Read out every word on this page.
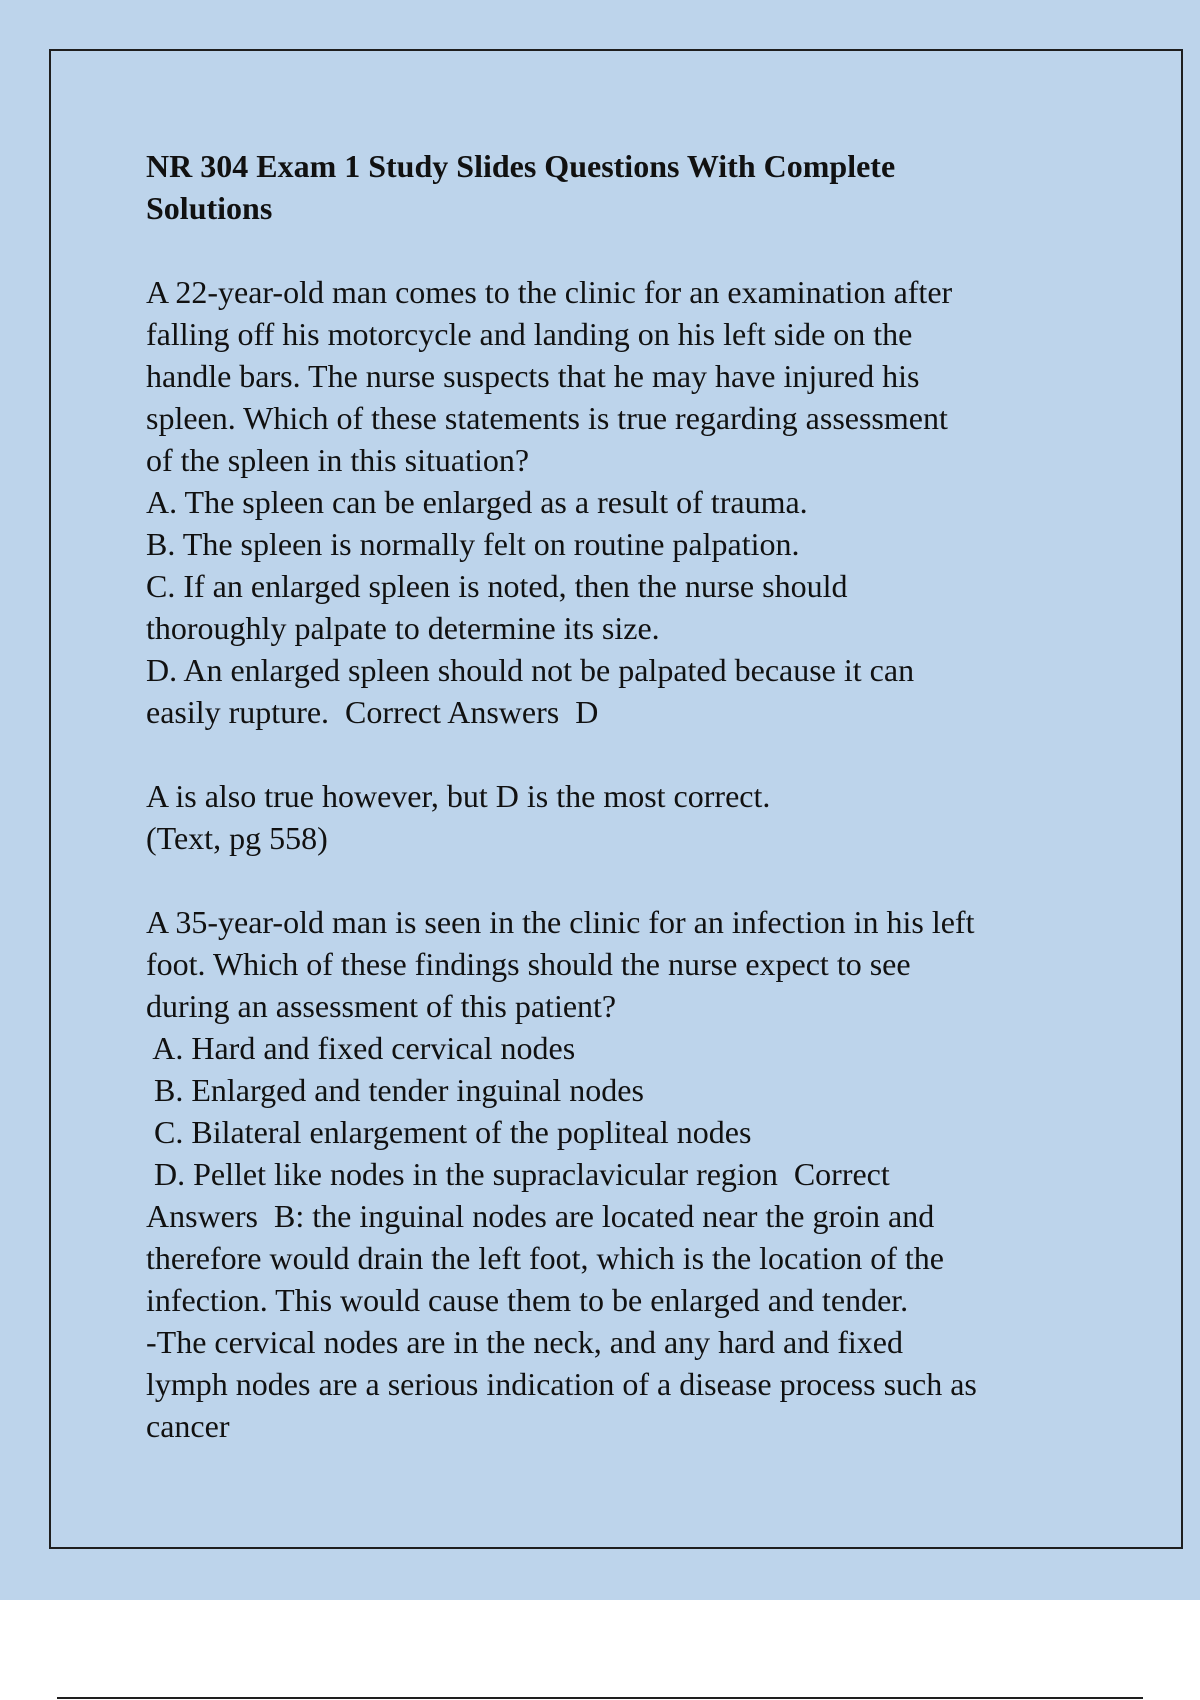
NR 304 Exam 1 Study Slides Questions With Complete
Solutions
A 22-year-old man comes to the clinic for an examination after
falling off his motorcycle and landing on his left side on the
handle bars. The nurse suspects that he may have injured his
spleen. Which of these statements is true regarding assessment
of the spleen in this situation?
A. The spleen can be enlarged as a result of trauma.
B. The spleen is normally felt on routine palpation.
C. If an enlarged spleen is noted, then the nurse should
thoroughly palpate to determine its size.
D. An enlarged spleen should not be palpated because it can
easily rupture.  Correct Answers  D
A is also true however, but D is the most correct.
(Text, pg 558)
A 35-year-old man is seen in the clinic for an infection in his left
foot. Which of these findings should the nurse expect to see
during an assessment of this patient?
A. Hard and fixed cervical nodes
B. Enlarged and tender inguinal nodes
C. Bilateral enlargement of the popliteal nodes
D. Pellet like nodes in the supraclavicular region  Correct
Answers  B: the inguinal nodes are located near the groin and
therefore would drain the left foot, which is the location of the
infection. This would cause them to be enlarged and tender.
-The cervical nodes are in the neck, and any hard and fixed
lymph nodes are a serious indication of a disease process such as
cancer
